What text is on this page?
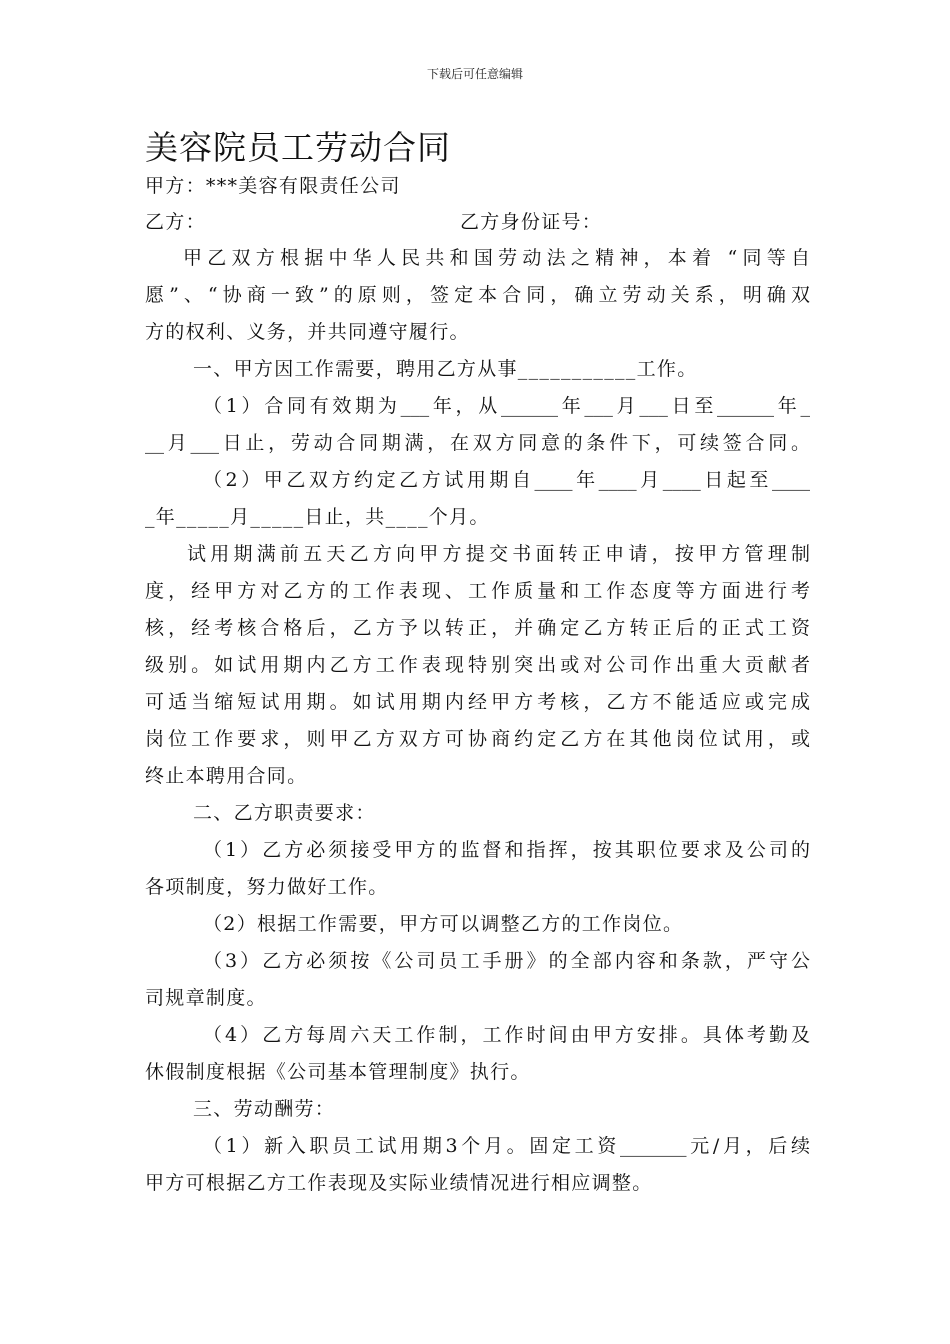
下载后可任意编辑
美容院员工劳动合同
甲方：***美容有限责任公司
乙方：	乙方身份证号：
甲乙双方根据中华人民共和国劳动法之精神，本着 “同等自
愿”、“协商一致”的原则，签定本合同，确立劳动关系，明确双
方的权利、义务，并共同遵守履行。
一、甲方因工作需要，聘用乙方从事___________工作。
（1）合同有效期为___年，从______年___月___日至______年_
__月___日止，劳动合同期满，在双方同意的条件下，可续签合同。
（2）甲乙双方约定乙方试用期自____年____月____日起至____
_年_____月_____日止，共____个月。
试用期满前五天乙方向甲方提交书面转正申请，按甲方管理制
度，经甲方对乙方的工作表现、工作质量和工作态度等方面进行考
核，经考核合格后，乙方予以转正，并确定乙方转正后的正式工资
级别。如试用期内乙方工作表现特别突出或对公司作出重大贡献者
可适当缩短试用期。如试用期内经甲方考核，乙方不能适应或完成
岗位工作要求，则甲乙方双方可协商约定乙方在其他岗位试用，或
终止本聘用合同。
二、乙方职责要求：
（1）乙方必须接受甲方的监督和指挥，按其职位要求及公司的
各项制度，努力做好工作。
（2）根据工作需要，甲方可以调整乙方的工作岗位。
（3）乙方必须按《公司员工手册》的全部内容和条款，严守公
司规章制度。
（4）乙方每周六天工作制，工作时间由甲方安排。具体考勤及
休假制度根据《公司基本管理制度》执行。
三、劳动酬劳：
（1）新入职员工试用期3个月。固定工资_______元/月，后续
甲方可根据乙方工作表现及实际业绩情况进行相应调整。
